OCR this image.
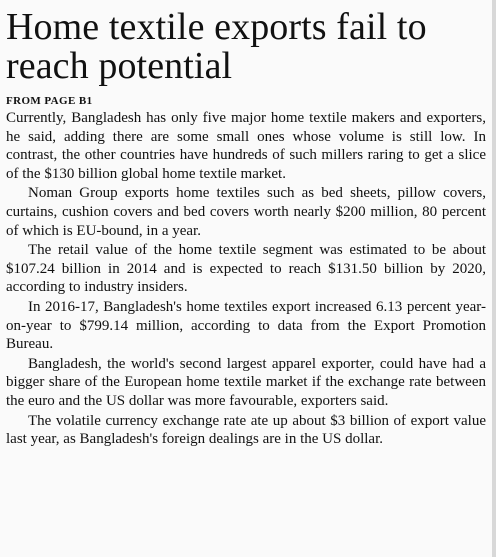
Home textile exports fail to reach potential
FROM PAGE B1

Currently, Bangladesh has only five major home textile makers and exporters, he said, adding there are some small ones whose volume is still low. In contrast, the other countries have hundreds of such millers raring to get a slice of the $130 billion global home textile market.

Noman Group exports home textiles such as bed sheets, pillow covers, curtains, cushion covers and bed covers worth nearly $200 million, 80 percent of which is EU-bound, in a year.

The retail value of the home textile segment was estimated to be about $107.24 billion in 2014 and is expected to reach $131.50 billion by 2020, according to industry insiders.

In 2016-17, Bangladesh's home textiles export increased 6.13 percent year-on-year to $799.14 million, according to data from the Export Promotion Bureau.

Bangladesh, the world's second largest apparel exporter, could have had a bigger share of the European home textile market if the exchange rate between the euro and the US dollar was more favourable, exporters said.

The volatile currency exchange rate ate up about $3 billion of export value last year, as Bangladesh's foreign dealings are in the US dollar.
